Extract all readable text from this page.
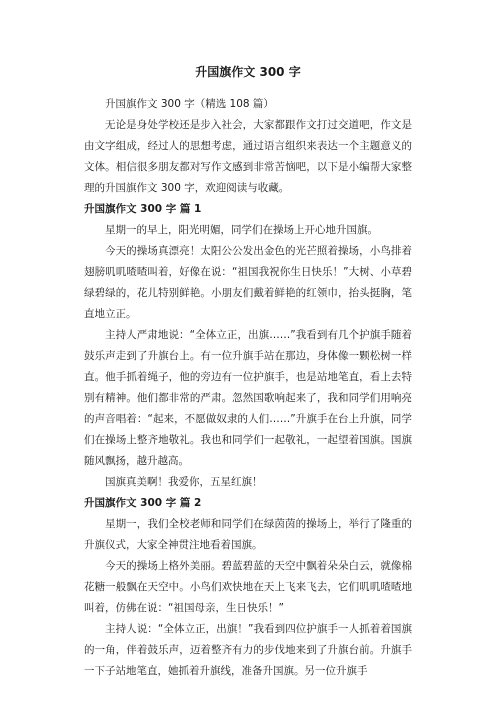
升国旗作文 300 字

升国旗作文 300 字（精选 108 篇）

无论是身处学校还是步入社会，大家都跟作文打过交道吧，作文是由文字组成，经过人的思想考虑，通过语言组织来表达一个主题意义的文体。相信很多朋友都对写作文感到非常苦恼吧，以下是小编帮大家整理的升国旗作文 300 字，欢迎阅读与收藏。

升国旗作文 300 字 篇 1

星期一的早上，阳光明媚，同学们在操场上开心地升国旗。

今天的操场真漂亮！太阳公公发出金色的光芒照着操场，小鸟排着翅膀叽叽喳喳叫着，好像在说：“祖国我祝你生日快乐！”大树、小草碧绿碧绿的，花儿特别鲜艳。小朋友们戴着鲜艳的红领巾，抬头挺胸，笔直地立正。

主持人严肃地说：“全体立正，出旗……”我看到有几个护旗手随着鼓乐声走到了升旗台上。有一位升旗手站在那边，身体像一颗松树一样直。他手抓着绳子，他的旁边有一位护旗手，也是站地笔直，看上去特别有精神。他们都非常的严肃。忽然国歌响起来了，我和同学们用响亮的声音唱着：“起来，不愿做奴隶的人们……”升旗手在台上升旗，同学们在操场上整齐地敬礼。我也和同学们一起敬礼，一起望着国旗。国旗随风飘扬，越升越高。

国旗真美啊！我爱你，五星红旗！

升国旗作文 300 字 篇 2

星期一，我们全校老师和同学们在绿茵茵的操场上，举行了隆重的升旗仪式，大家全神贯注地看着国旗。

今天的操场上格外美丽。碧蓝碧蓝的天空中飘着朵朵白云，就像棉花糖一般飘在天空中。小鸟们欢快地在天上飞来飞去，它们叽叽喳喳地叫着，仿佛在说：“祖国母亲，生日快乐！”

主持人说：“全体立正，出旗！”我看到四位护旗手一人抓着着国旗的一角，伴着鼓乐声，迈着整齐有力的步伐地来到了升旗台前。升旗手一下子站地笔直，她抓着升旗线，准备升国旗。另一位升旗手
